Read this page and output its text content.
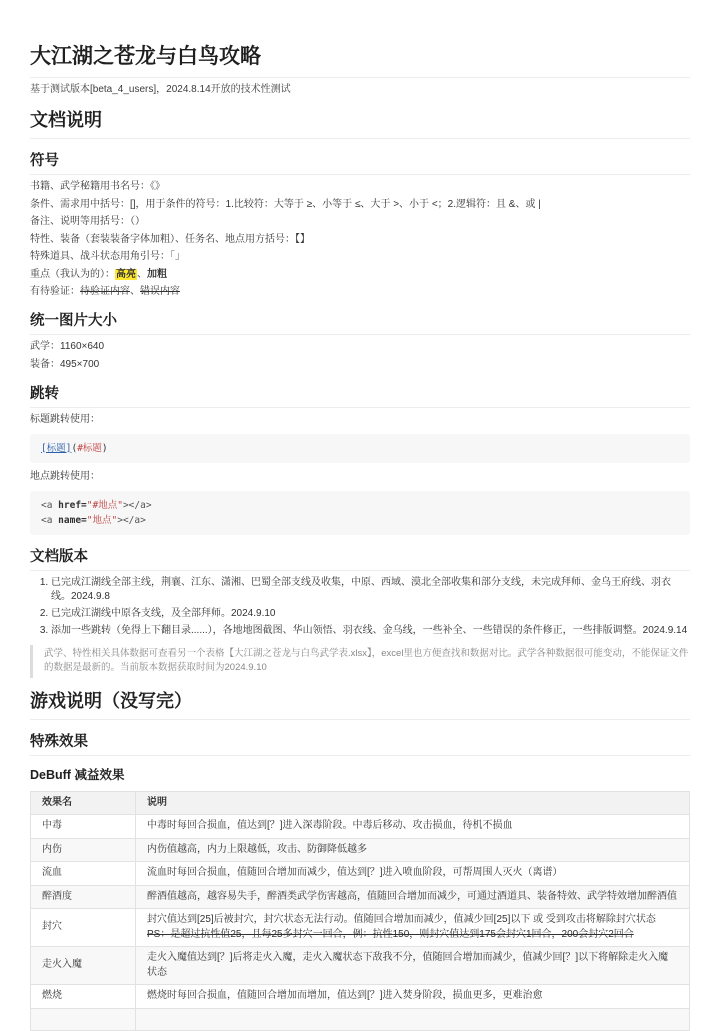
大江湖之苍龙与白鸟攻略

基于测试版本[beta_4_users]，2024.8.14开放的技术性测试

文档说明
符号

书籍、武学秘籍用书名号：《》

条件、需求用中括号：[]，用于条件的符号：1.比较符：大等于 ≥、小等于 ≤、大于 >、小于 <；2.逻辑符：且 &、或 |

备注、说明等用括号：（）

特性、装备（套装装备字体加粗）、任务名、地点用方括号：【】

特殊道具、战斗状态用角引号：「」

重点（我认为的）：高亮、加粗

有待验证：待验证内容、错误内容

统一图片大小

武学：1160×640

装备：495×700

跳转

标题跳转使用：

[标题](#标题)

地点跳转使用：

<a href="#地点"></a>
<a name="地点"></a>
文档版本
1. 已完成江湖线全部主线，荆襄、江东、潇湘、巴蜀全部支线及收集，中原、西域、漠北全部收集和部分支线，未完成拜师、金乌王府线、羽衣线。2024.9.8
2. 已完成江湖线中原各支线，及全部拜师。2024.9.10
3. 添加一些跳转（免得上下翻目录......），各地地图截图、华山领悟、羽衣线、金乌线，一些补全、一些错误的条件修正，一些排版调整。2024.9.14
武学、特性相关具体数据可查看另一个表格【大江湖之苍龙与白鸟武学表.xlsx】，excel里也方便查找和数据对比。武学各种数据很可能变动，不能保证文件的数据是最新的。当前版本数据获取时间为2024.9.10
游戏说明（没写完）
特殊效果
DeBuff 减益效果
效果名	说明
中毒	中毒时每回合损血，值达到[？]进入深毒阶段。中毒后移动、攻击损血，待机不损血
内伤	内伤值越高，内力上限越低，攻击、防御降低越多
流血	流血时每回合损血，值随回合增加而减少，值达到[？]进入喷血阶段，可帮周围人灭火（离谱）
醉酒度	醉酒值越高，越容易失手，醉酒类武学伤害越高，值随回合增加而减少，可通过酒道具、装备特效、武学特效增加醉酒值
封穴	封穴值达到[25]后被封穴，封穴状态无法行动。值随回合增加而减少，值减少回[25]以下 或 受到攻击将解除封穴状态
PS：是超过抗性值25，且每25多封穴一回合，例：抗性150，则封穴值达到175会封穴1回合，200会封穴2回合
走火入魔	走火入魔值达到[？]后将走火入魔，走火入魔状态下敌我不分，值随回合增加而减少，值减少回[？]以下将解除走火入魔状态
燃烧	燃烧时每回合损血，值随回合增加而增加，值达到[？]进入焚身阶段，损血更多，更难治愈
